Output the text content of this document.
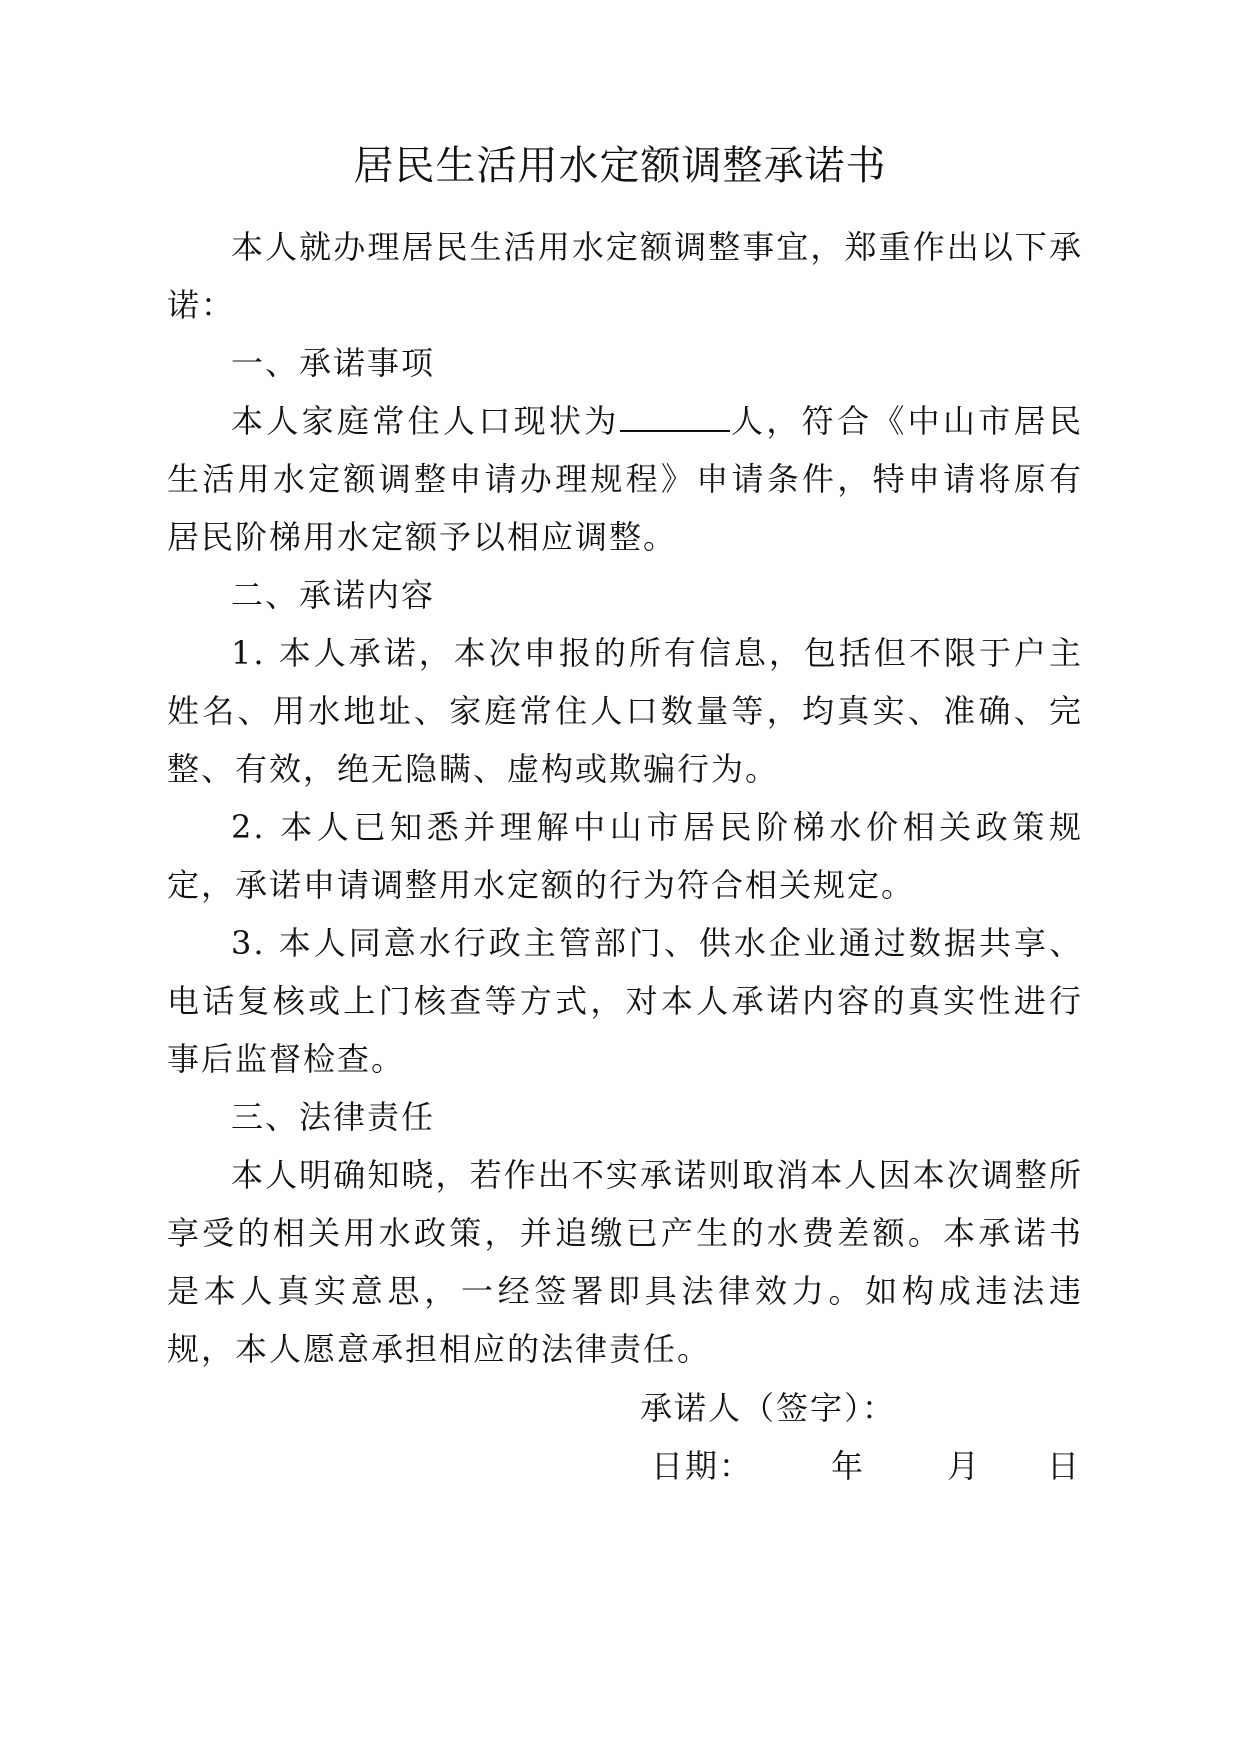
居民生活用水定额调整承诺书

本人就办理居民生活用水定额调整事宜，郑重作出以下承诺：

一、承诺事项

本人家庭常住人口现状为	人，符合《中山市居民生活用水定额调整申请办理规程》申请条件，特申请将原有居民阶梯用水定额予以相应调整。

二、承诺内容

1. 本人承诺，本次申报的所有信息，包括但不限于户主姓名、用水地址、家庭常住人口数量等，均真实、准确、完整、有效，绝无隐瞒、虚构或欺骗行为。

2. 本人已知悉并理解中山市居民阶梯水价相关政策规定，承诺申请调整用水定额的行为符合相关规定。

3. 本人同意水行政主管部门、供水企业通过数据共享、电话复核或上门核查等方式，对本人承诺内容的真实性进行事后监督检查。

三、法律责任

本人明确知晓，若作出不实承诺则取消本人因本次调整所享受的相关用水政策，并追缴已产生的水费差额。本承诺书是本人真实意思，一经签署即具法律效力。如构成违法违规，本人愿意承担相应的法律责任。

承诺人（签字）：
日期： 年	月 日
